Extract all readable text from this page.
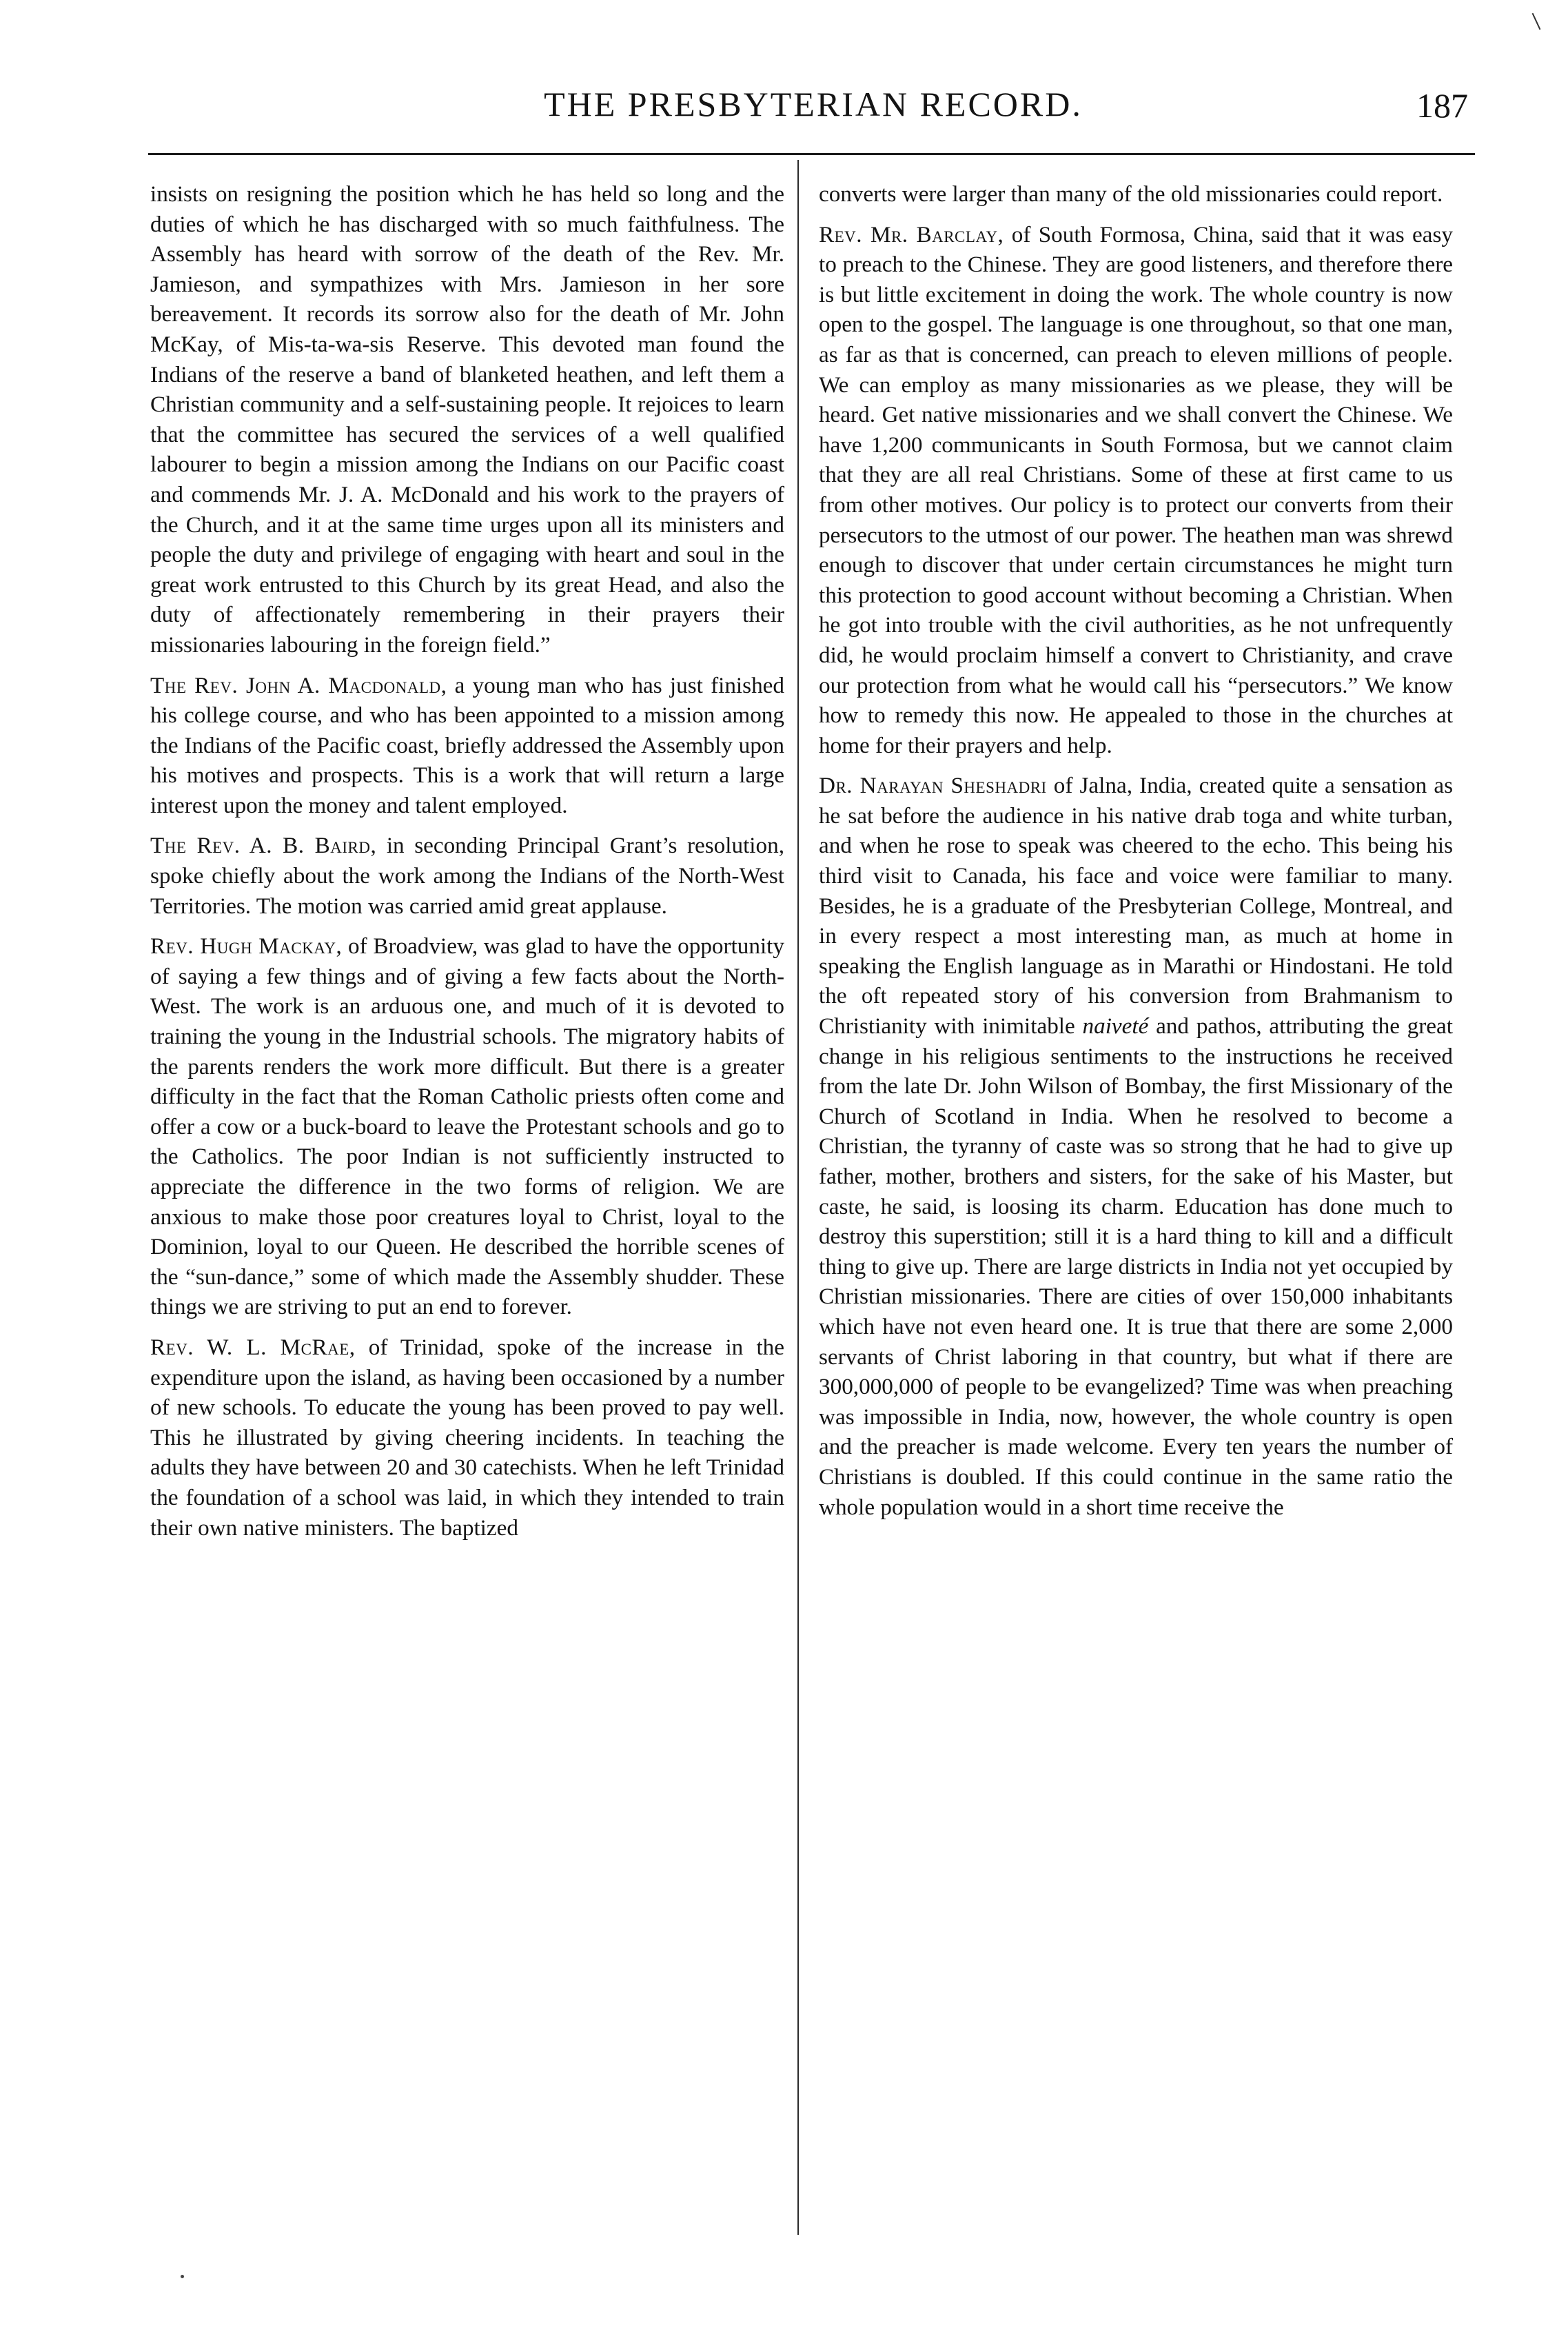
THE PRESBYTERIAN RECORD.	187

insists on resigning the position which he has held so long and the duties of which he has discharged with so much faithfulness. The Assembly has heard with sorrow of the death of the Rev. Mr. Jamieson, and sympathizes with Mrs. Jamieson in her sore bereavement. It records its sorrow also for the death of Mr. John McKay, of Mis-ta-wa-sis Reserve. This devoted man found the Indians of the reserve a band of blanketed heathen, and left them a Christian community and a self-sustaining people. It rejoices to learn that the committee has secured the services of a well qualified labourer to begin a mission among the Indians on our Pacific coast and commends Mr. J. A. McDonald and his work to the prayers of the Church, and it at the same time urges upon all its ministers and people the duty and privilege of engaging with heart and soul in the great work entrusted to this Church by its great Head, and also the duty of affectionately remembering in their prayers their missionaries labouring in the foreign field.”

The Rev. John A. Macdonald, a young man who has just finished his college course, and who has been appointed to a mission among the Indians of the Pacific coast, briefly addressed the Assembly upon his motives and prospects. This is a work that will return a large interest upon the money and talent employed.

The Rev. A. B. Baird, in seconding Principal Grant’s resolution, spoke chiefly about the work among the Indians of the North-West Territories. The motion was carried amid great applause.

Rev. Hugh Mackay, of Broadview, was glad to have the opportunity of saying a few things and of giving a few facts about the North-West. The work is an arduous one, and much of it is devoted to training the young in the Industrial schools. The migratory habits of the parents renders the work more difficult. But there is a greater difficulty in the fact that the Roman Catholic priests often come and offer a cow or a buck-board to leave the Protestant schools and go to the Catholics. The poor Indian is not sufficiently instructed to appreciate the difference in the two forms of religion. We are anxious to make those poor creatures loyal to Christ, loyal to the Dominion, loyal to our Queen. He described the horrible scenes of the “sun-dance,” some of which made the Assembly shudder. These things we are striving to put an end to forever.

Rev. W. L. McRae, of Trinidad, spoke of the increase in the expenditure upon the island, as having been occasioned by a number of new schools. To educate the young has been proved to pay well. This he illustrated by giving cheering incidents. In teaching the adults they have between 20 and 30 catechists. When he left Trinidad the foundation of a school was laid, in which they intended to train their own native ministers. The baptized

converts were larger than many of the old missionaries could report.

Rev. Mr. Barclay, of South Formosa, China, said that it was easy to preach to the Chinese. They are good listeners, and therefore there is but little excitement in doing the work. The whole country is now open to the gospel. The language is one throughout, so that one man, as far as that is concerned, can preach to eleven millions of people. We can employ as many missionaries as we please, they will be heard. Get native missionaries and we shall convert the Chinese. We have 1,200 communicants in South Formosa, but we cannot claim that they are all real Christians. Some of these at first came to us from other motives. Our policy is to protect our converts from their persecutors to the utmost of our power. The heathen man was shrewd enough to discover that under certain circumstances he might turn this protection to good account without becoming a Christian. When he got into trouble with the civil authorities, as he not unfrequently did, he would proclaim himself a convert to Christianity, and crave our protection from what he would call his “persecutors.” We know how to remedy this now. He appealed to those in the churches at home for their prayers and help.

Dr. Narayan Sheshadri of Jalna, India, created quite a sensation as he sat before the audience in his native drab toga and white turban, and when he rose to speak was cheered to the echo. This being his third visit to Canada, his face and voice were familiar to many. Besides, he is a graduate of the Presbyterian College, Montreal, and in every respect a most interesting man, as much at home in speaking the English language as in Marathi or Hindostani. He told the oft repeated story of his conversion from Brahmanism to Christianity with inimitable naiveté and pathos, attributing the great change in his religious sentiments to the instructions he received from the late Dr. John Wilson of Bombay, the first Missionary of the Church of Scotland in India. When he resolved to become a Christian, the tyranny of caste was so strong that he had to give up father, mother, brothers and sisters, for the sake of his Master, but caste, he said, is loosing its charm. Education has done much to destroy this superstition; still it is a hard thing to kill and a difficult thing to give up. There are large districts in India not yet occupied by Christian missionaries. There are cities of over 150,000 inhabitants which have not even heard one. It is true that there are some 2,000 servants of Christ laboring in that country, but what if there are 300,000,000 of people to be evangelized? Time was when preaching was impossible in India, now, however, the whole country is open and the preacher is made welcome. Every ten years the number of Christians is doubled. If this could continue in the same ratio the whole population would in a short time receive the
